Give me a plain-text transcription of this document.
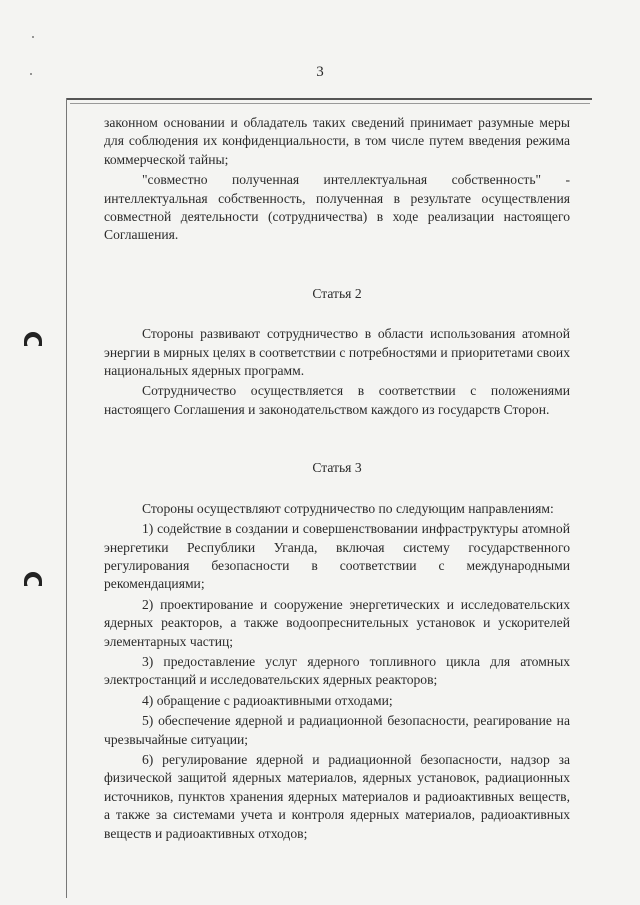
3

законном основании и обладатель таких сведений принимает разумные меры для соблюдения их конфиденциальности, в том числе путем введения режима коммерческой тайны;

"совместно полученная интеллектуальная собственность" - интеллектуальная собственность, полученная в результате осуществления совместной деятельности (сотрудничества) в ходе реализации настоящего Соглашения.

Статья 2

Стороны развивают сотрудничество в области использования атомной энергии в мирных целях в соответствии с потребностями и приоритетами своих национальных ядерных программ.

Сотрудничество осуществляется в соответствии с положениями настоящего Соглашения и законодательством каждого из государств Сторон.

Статья 3

Стороны осуществляют сотрудничество по следующим направлениям:

1) содействие в создании и совершенствовании инфраструктуры атомной энергетики Республики Уганда, включая систему государственного регулирования безопасности в соответствии с международными рекомендациями;

2) проектирование и сооружение энергетических и исследовательских ядерных реакторов, а также водоопреснительных установок и ускорителей элементарных частиц;

3) предоставление услуг ядерного топливного цикла для атомных электростанций и исследовательских ядерных реакторов;

4) обращение с радиоактивными отходами;

5) обеспечение ядерной и радиационной безопасности, реагирование на чрезвычайные ситуации;

6) регулирование ядерной и радиационной безопасности, надзор за физической защитой ядерных материалов, ядерных установок, радиационных источников, пунктов хранения ядерных материалов и радиоактивных веществ, а также за системами учета и контроля ядерных материалов, радиоактивных веществ и радиоактивных отходов;
